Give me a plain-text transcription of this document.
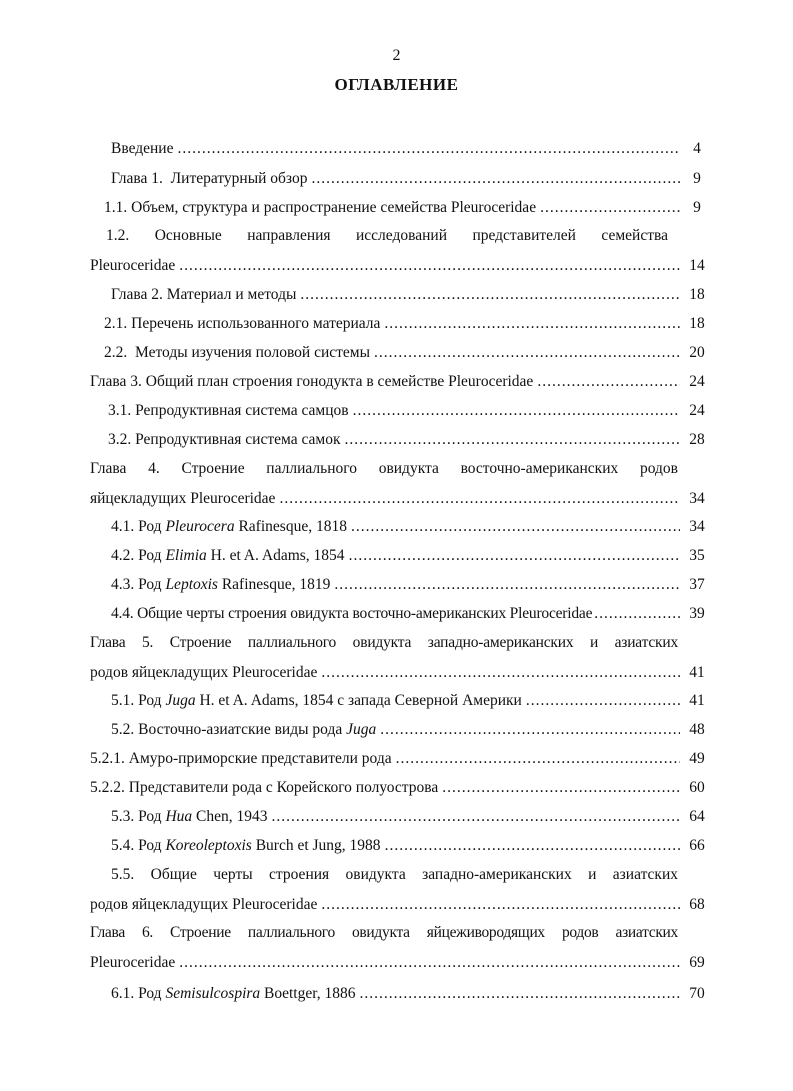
2
ОГЛАВЛЕНИЕ
Введение .....	4
Глава 1.  Литературный обзор .....	9
1.1. Объем, структура и распространение семейства Pleuroceridae .....	9
1.2. Основные направления исследований представителей семейства
Pleuroceridae .....	14
Глава 2. Материал и методы .....	18
2.1. Перечень использованного материала .....	18
2.2.  Методы изучения половой системы .....	20
Глава 3. Общий план строения гонодукта в семействе Pleuroceridae .....	24
3.1. Репродуктивная система самцов .....	24
3.2. Репродуктивная система самок .....	28
Глава 4. Строение паллиального овидукта восточно-американских родов
яйцекладущих Pleuroceridae .....	34
4.1. Род Pleurocera Rafinesque, 1818 .....	34
4.2. Род Elimia H. et A. Adams, 1854 .....	35
4.3. Род Leptoxis Rafinesque, 1819 .....	37
4.4. Общие черты строения овидукта восточно-американских Pleuroceridae .....	39
Глава 5. Строение паллиального овидукта западно-американских и азиатских
родов яйцекладущих Pleuroceridae .....	41
5.1. Род Juga H. et A. Adams, 1854 с запада Северной Америки .....	41
5.2. Восточно-азиатские виды рода Juga .....	48
5.2.1. Амуро-приморские представители рода .....	49
5.2.2. Представители рода с Корейского полуострова .....	60
5.3. Род Hua Chen, 1943 .....	64
5.4. Род Koreoleptoxis Burch et Jung, 1988 .....	66
5.5. Общие черты строения овидукта западно-американских и азиатских
родов яйцекладущих Pleuroceridae .....	68
Глава 6. Строение паллиального овидукта яйцеживородящих родов азиатских
Pleuroceridae .....	69
6.1. Род Semisulcospira Boettger, 1886 .....	70
